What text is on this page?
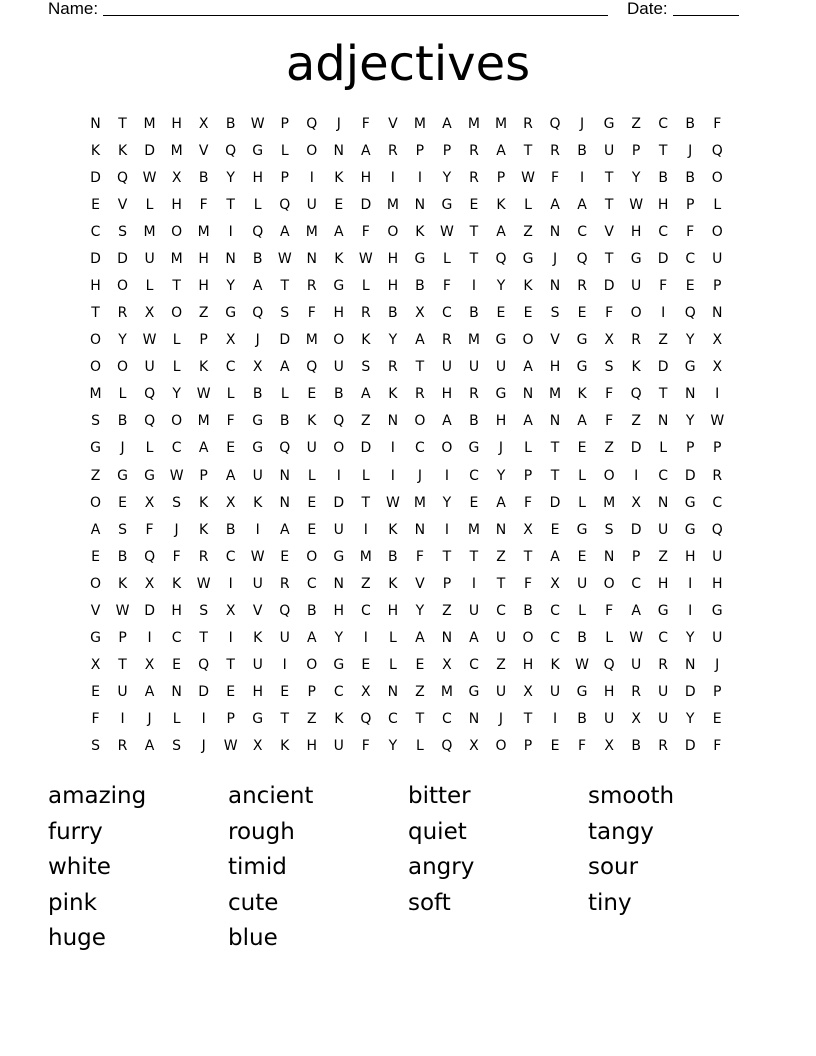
Name:	Date:
adjectives
N	T	M	H	X	B	W	P	Q	J	F	V	M	A	M	M	R	Q	J	G	Z	C	B	F
K	K	D	M	V	Q	G	L	O	N	A	R	P	P	R	A	T	R	B	U	P	T	J	Q
D	Q	W	X	B	Y	H	P	I	K	H	I	I	Y	R	P	W	F	I	T	Y	B	B	O
E	V	L	H	F	T	L	Q	U	E	D	M	N	G	E	K	L	A	A	T	W	H	P	L
C	S	M	O	M	I	Q	A	M	A	F	O	K	W	T	A	Z	N	C	V	H	C	F	O
D	D	U	M	H	N	B	W	N	K	W	H	G	L	T	Q	G	J	Q	T	G	D	C	U
H	O	L	T	H	Y	A	T	R	G	L	H	B	F	I	Y	K	N	R	D	U	F	E	P
T	R	X	O	Z	G	Q	S	F	H	R	B	X	C	B	E	E	S	E	F	O	I	Q	N
O	Y	W	L	P	X	J	D	M	O	K	Y	A	R	M	G	O	V	G	X	R	Z	Y	X
O	O	U	L	K	C	X	A	Q	U	S	R	T	U	U	U	A	H	G	S	K	D	G	X
M	L	Q	Y	W	L	B	L	E	B	A	K	R	H	R	G	N	M	K	F	Q	T	N	I
S	B	Q	O	M	F	G	B	K	Q	Z	N	O	A	B	H	A	N	A	F	Z	N	Y	W
G	J	L	C	A	E	G	Q	U	O	D	I	C	O	G	J	L	T	E	Z	D	L	P	P
Z	G	G	W	P	A	U	N	L	I	L	I	J	I	C	Y	P	T	L	O	I	C	D	R
O	E	X	S	K	X	K	N	E	D	T	W	M	Y	E	A	F	D	L	M	X	N	G	C
A	S	F	J	K	B	I	A	E	U	I	K	N	I	M	N	X	E	G	S	D	U	G	Q
E	B	Q	F	R	C	W	E	O	G	M	B	F	T	T	Z	T	A	E	N	P	Z	H	U
O	K	X	K	W	I	U	R	C	N	Z	K	V	P	I	T	F	X	U	O	C	H	I	H
V	W	D	H	S	X	V	Q	B	H	C	H	Y	Z	U	C	B	C	L	F	A	G	I	G
G	P	I	C	T	I	K	U	A	Y	I	L	A	N	A	U	O	C	B	L	W	C	Y	U
X	T	X	E	Q	T	U	I	O	G	E	L	E	X	C	Z	H	K	W	Q	U	R	N	J
E	U	A	N	D	E	H	E	P	C	X	N	Z	M	G	U	X	U	G	H	R	U	D	P
F	I	J	L	I	P	G	T	Z	K	Q	C	T	C	N	J	T	I	B	U	X	U	Y	E
S	R	A	S	J	W	X	K	H	U	F	Y	L	Q	X	O	P	E	F	X	B	R	D	F
amazing	ancient	bitter	smooth
furry	rough	quiet	tangy
white	timid	angry	sour
pink	cute	soft	tiny
huge	blue
